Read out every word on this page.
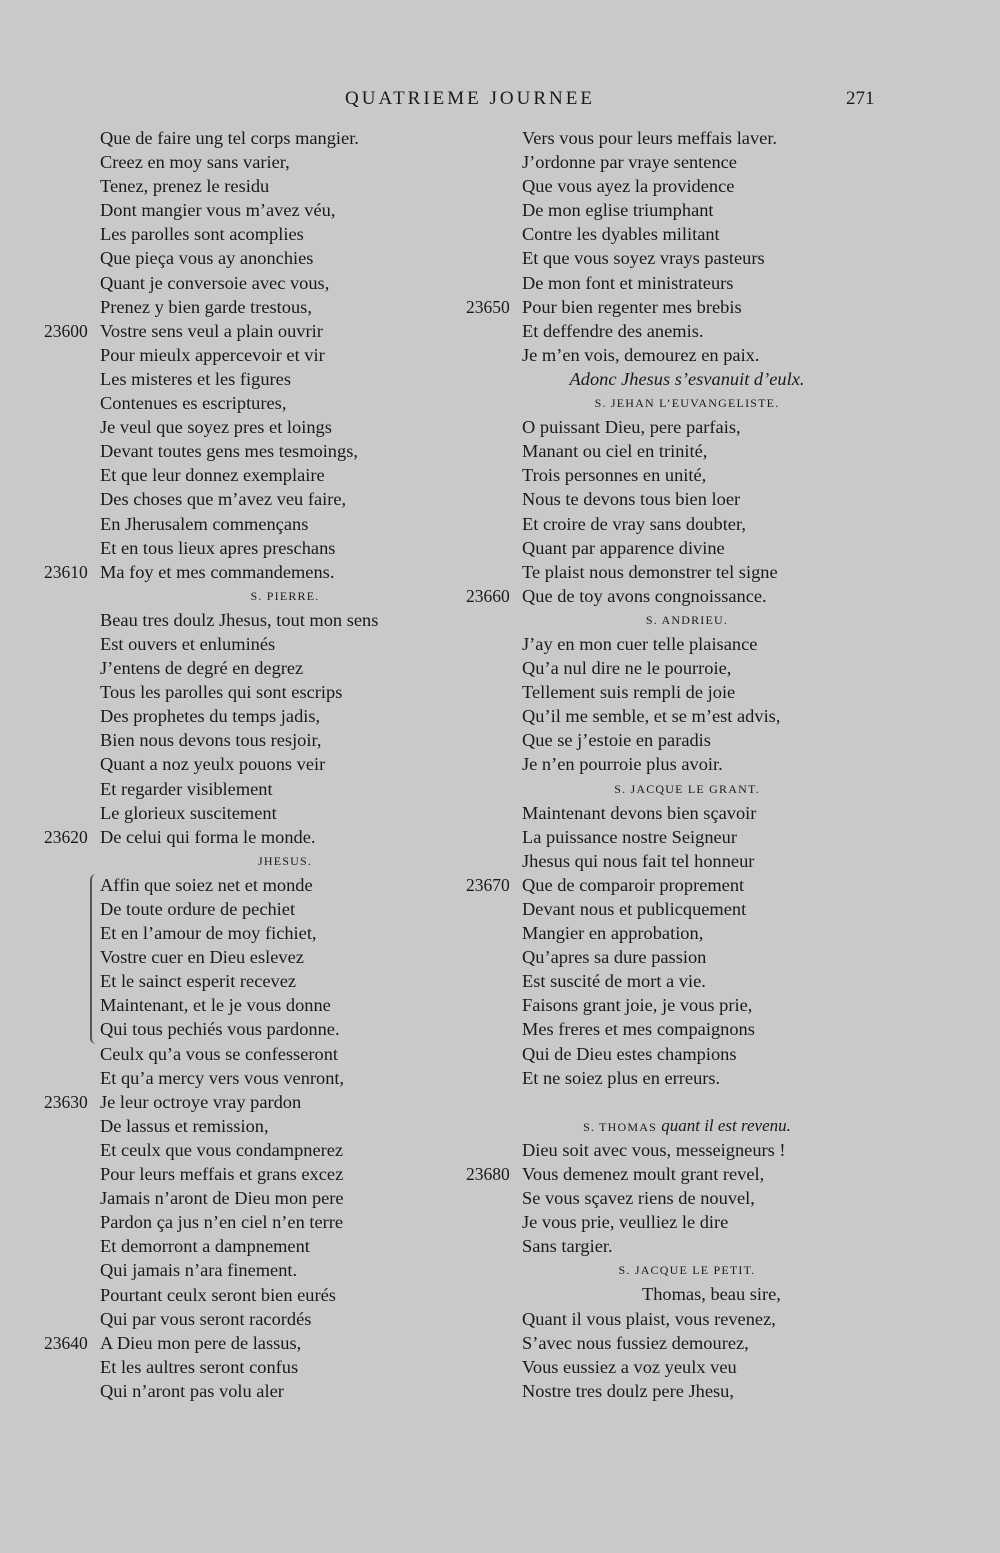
QUATRIEME JOURNEE	271
Que de faire ung tel corps mangier.
Creez en moy sans varier,
Tenez, prenez le residu
Dont mangier vous m’avez véu,
Les parolles sont acomplies
Que pieça vous ay anonchies
Quant je conversoie avec vous,
Prenez y bien garde trestous,
23600 Vostre sens veul a plain ouvrir
Pour mieulx appercevoir et vir
Les misteres et les figures
Contenues es escriptures,
Je veul que soyez pres et loings
Devant toutes gens mes tesmoings,
Et que leur donnez exemplaire
Des choses que m’avez veu faire,
En Jherusalem commençans
Et en tous lieux apres preschans
23610 Ma foy et mes commandemens.
S. PIERRE.
Beau tres doulz Jhesus, tout mon sens
Est ouvers et enluminés
J’entens de degré en degrez
Tous les parolles qui sont escrips
Des prophetes du temps jadis,
Bien nous devons tous resjoir,
Quant a noz yeulx pouons veir
Et regarder visiblement
Le glorieux suscitement
23620 De celui qui forma le monde.
JHESUS.
Affin que soiez net et monde
De toute ordure de pechiet
Et en l’amour de moy fichiet,
Vostre cuer en Dieu eslevez
Et le sainct esperit recevez
Maintenant, et le je vous donne
Qui tous pechiés vous pardonne.
Ceulx qu’a vous se confesseront
Et qu’a mercy vers vous venront,
23630 Je leur octroye vray pardon
De lassus et remission,
Et ceulx que vous condampnerez
Pour leurs meffais et grans excez
Jamais n’aront de Dieu mon pere
Pardon ça jus n’en ciel n’en terre
Et demorront a dampnement
Qui jamais n’ara finement.
Pourtant ceulx seront bien eurés
Qui par vous seront racordés
23640 A Dieu mon pere de lassus,
Et les aultres seront confus
Qui n’aront pas volu aler
Vers vous pour leurs meffais laver.
J’ordonne par vraye sentence
Que vous ayez la providence
De mon eglise triumphant
Contre les dyables militant
Et que vous soyez vrays pasteurs
De mon font et ministrateurs
23650 Pour bien regenter mes brebis
Et deffendre des anemis.
Je m’en vois, demourez en paix.
Adonc Jhesus s’esvanuit d’eulx.
S. JEHAN L’EUVANGELISTE.
O puissant Dieu, pere parfais,
Manant ou ciel en trinité,
Trois personnes en unité,
Nous te devons tous bien loer
Et croire de vray sans doubter,
Quant par apparence divine
Te plaist nous demonstrer tel signe
23660 Que de toy avons congnoissance.
S. ANDRIEU.
J’ay en mon cuer telle plaisance
Qu’a nul dire ne le pourroie,
Tellement suis rempli de joie
Qu’il me semble, et se m’est advis,
Que se j’estoie en paradis
Je n’en pourroie plus avoir.
S. JACQUE LE GRANT.
Maintenant devons bien sçavoir
La puissance nostre Seigneur
Jhesus qui nous fait tel honneur
23670 Que de comparoir proprement
Devant nous et publicquement
Mangier en approbation,
Qu’apres sa dure passion
Est suscité de mort a vie.
Faisons grant joie, je vous prie,
Mes freres et mes compaignons
Qui de Dieu estes champions
Et ne soiez plus en erreurs.
S. THOMAS quant il est revenu.
Dieu soit avec vous, messeigneurs !
23680 Vous demenez moult grant revel,
Se vous sçavez riens de nouvel,
Je vous prie, veulliez le dire
Sans targier.
S. JACQUE LE PETIT.
Thomas, beau sire,
Quant il vous plaist, vous revenez,
S’avec nous fussiez demourez,
Vous eussiez a voz yeulx veu
Nostre tres doulz pere Jhesu,
